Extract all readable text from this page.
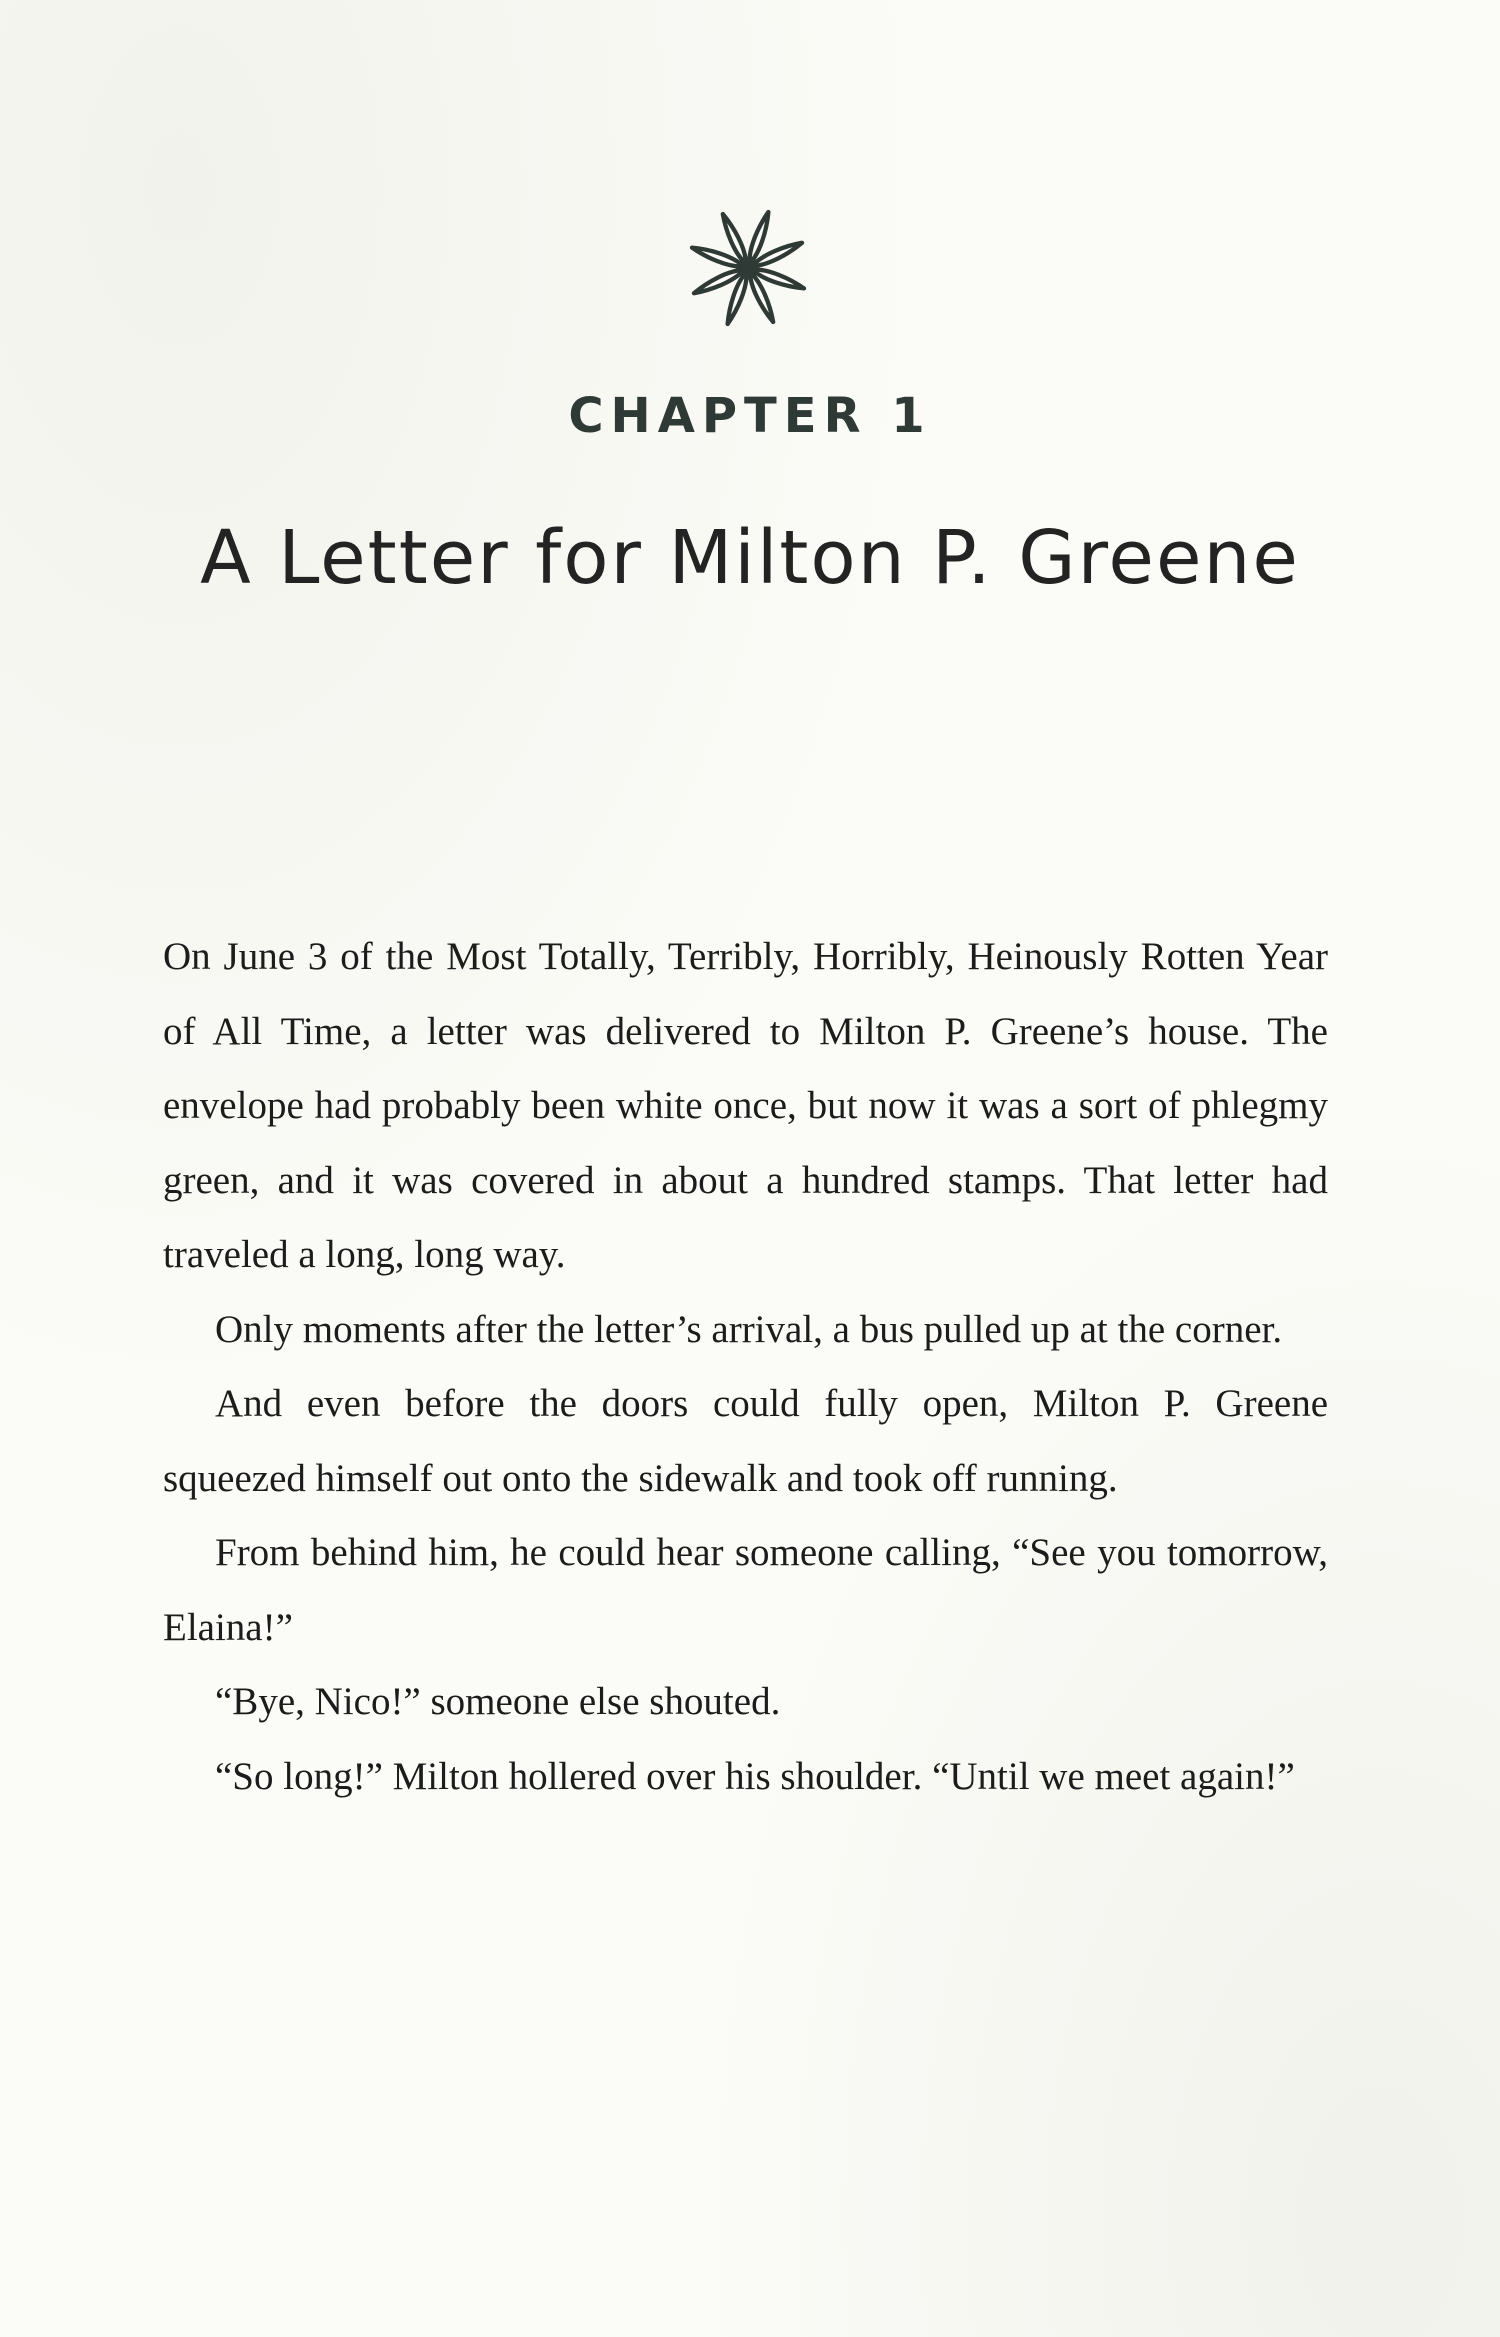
CHAPTER 1
A Letter for Milton P. Greene

On June 3 of the Most Totally, Terribly, Horribly, Heinously Rotten Year of All Time, a letter was delivered to Milton P. Greene’s house. The envelope had probably been white once, but now it was a sort of phlegmy green, and it was covered in about a hundred stamps. That letter had traveled a long, long way.

Only moments after the letter’s arrival, a bus pulled up at the corner.

And even before the doors could fully open, Milton P. Greene squeezed himself out onto the sidewalk and took off running.

From behind him, he could hear someone calling, “See you tomorrow, Elaina!”

“Bye, Nico!” someone else shouted.

“So long!” Milton hollered over his shoulder. “Until we meet again!”
